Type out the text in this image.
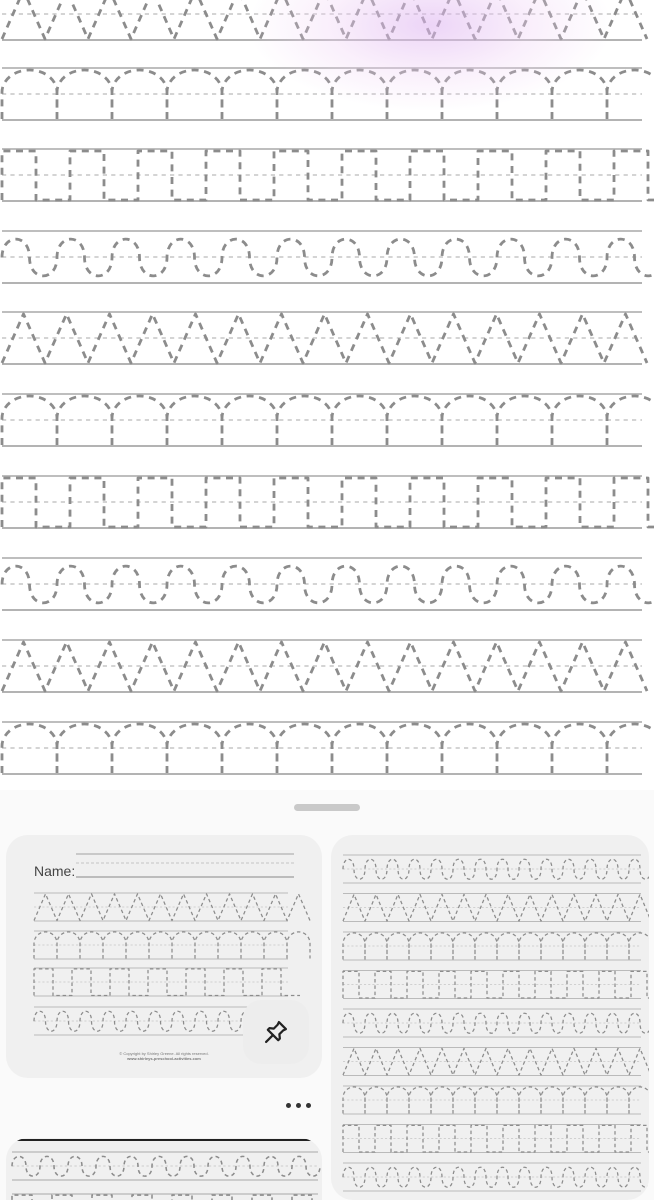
Name:
© Copyright by Shirley Greene. All rights reserved.
www.shirleys-preschool-activities.com
